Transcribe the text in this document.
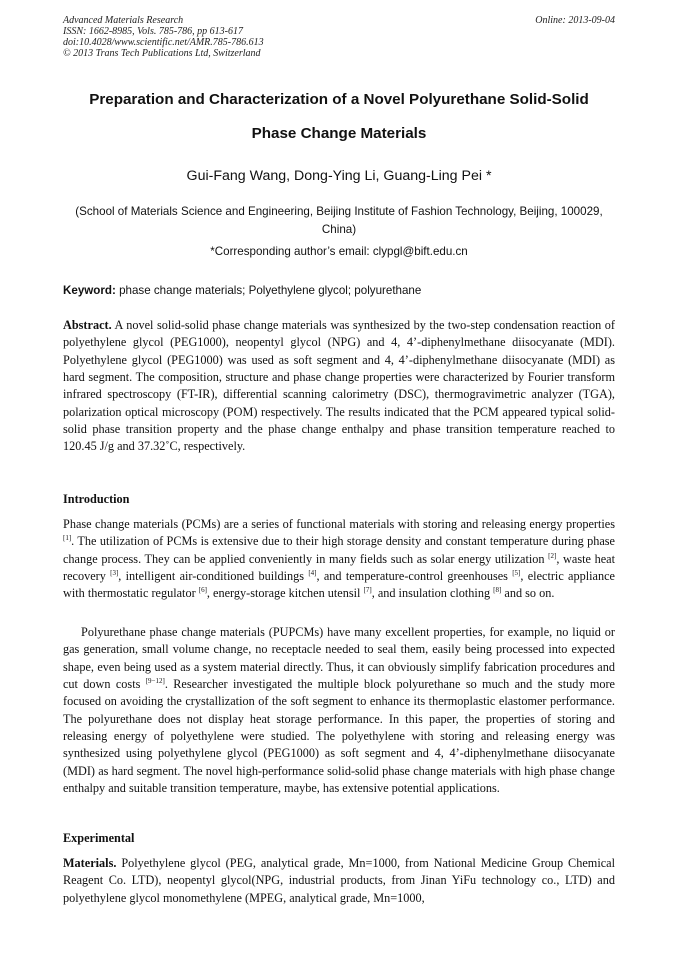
Advanced Materials Research
ISSN: 1662-8985, Vols. 785-786, pp 613-617
doi:10.4028/www.scientific.net/AMR.785-786.613
© 2013 Trans Tech Publications Ltd, Switzerland
Online: 2013-09-04
Preparation and Characterization of a Novel Polyurethane Solid-Solid
Phase Change Materials
Gui-Fang Wang, Dong-Ying Li, Guang-Ling Pei *
(School of Materials Science and Engineering, Beijing Institute of Fashion Technology, Beijing, 100029, China)
*Corresponding author’s email: clypgl@bift.edu.cn
Keyword: phase change materials; Polyethylene glycol; polyurethane
Abstract. A novel solid-solid phase change materials was synthesized by the two-step condensation reaction of polyethylene glycol (PEG1000), neopentyl glycol (NPG) and 4, 4’-diphenylmethane diisocyanate (MDI). Polyethylene glycol (PEG1000) was used as soft segment and 4, 4’-diphenylmethane diisocyanate (MDI) as hard segment. The composition, structure and phase change properties were characterized by Fourier transform infrared spectroscopy (FT-IR), differential scanning calorimetry (DSC), thermogravimetric analyzer (TGA), polarization optical microscopy (POM) respectively. The results indicated that the PCM appeared typical solid-solid phase transition property and the phase change enthalpy and phase transition temperature reached to 120.45 J/g and 37.32˚C, respectively.
Introduction
Phase change materials (PCMs) are a series of functional materials with storing and releasing energy properties [1]. The utilization of PCMs is extensive due to their high storage density and constant temperature during phase change process. They can be applied conveniently in many fields such as solar energy utilization [2], waste heat recovery [3], intelligent air-conditioned buildings [4], and temperature-control greenhouses [5], electric appliance with thermostatic regulator [6], energy-storage kitchen utensil [7], and insulation clothing [8] and so on.
Polyurethane phase change materials (PUPCMs) have many excellent properties, for example, no liquid or gas generation, small volume change, no receptacle needed to seal them, easily being processed into expected shape, even being used as a system material directly. Thus, it can obviously simplify fabrication procedures and cut down costs [9−12]. Researcher investigated the multiple block polyurethane so much and the study more focused on avoiding the crystallization of the soft segment to enhance its thermoplastic elastomer performance. The polyurethane does not display heat storage performance. In this paper, the properties of storing and releasing energy of polyethylene were studied. The polyethylene with storing and releasing energy was synthesized using polyethylene glycol (PEG1000) as soft segment and 4, 4’-diphenylmethane diisocyanate (MDI) as hard segment. The novel high-performance solid-solid phase change materials with high phase change enthalpy and suitable transition temperature, maybe, has extensive potential applications.
Experimental
Materials. Polyethylene glycol (PEG, analytical grade, Mn=1000, from National Medicine Group Chemical Reagent Co. LTD), neopentyl glycol(NPG, industrial products, from Jinan YiFu technology co., LTD) and polyethylene glycol monomethylene (MPEG, analytical grade, Mn=1000,
